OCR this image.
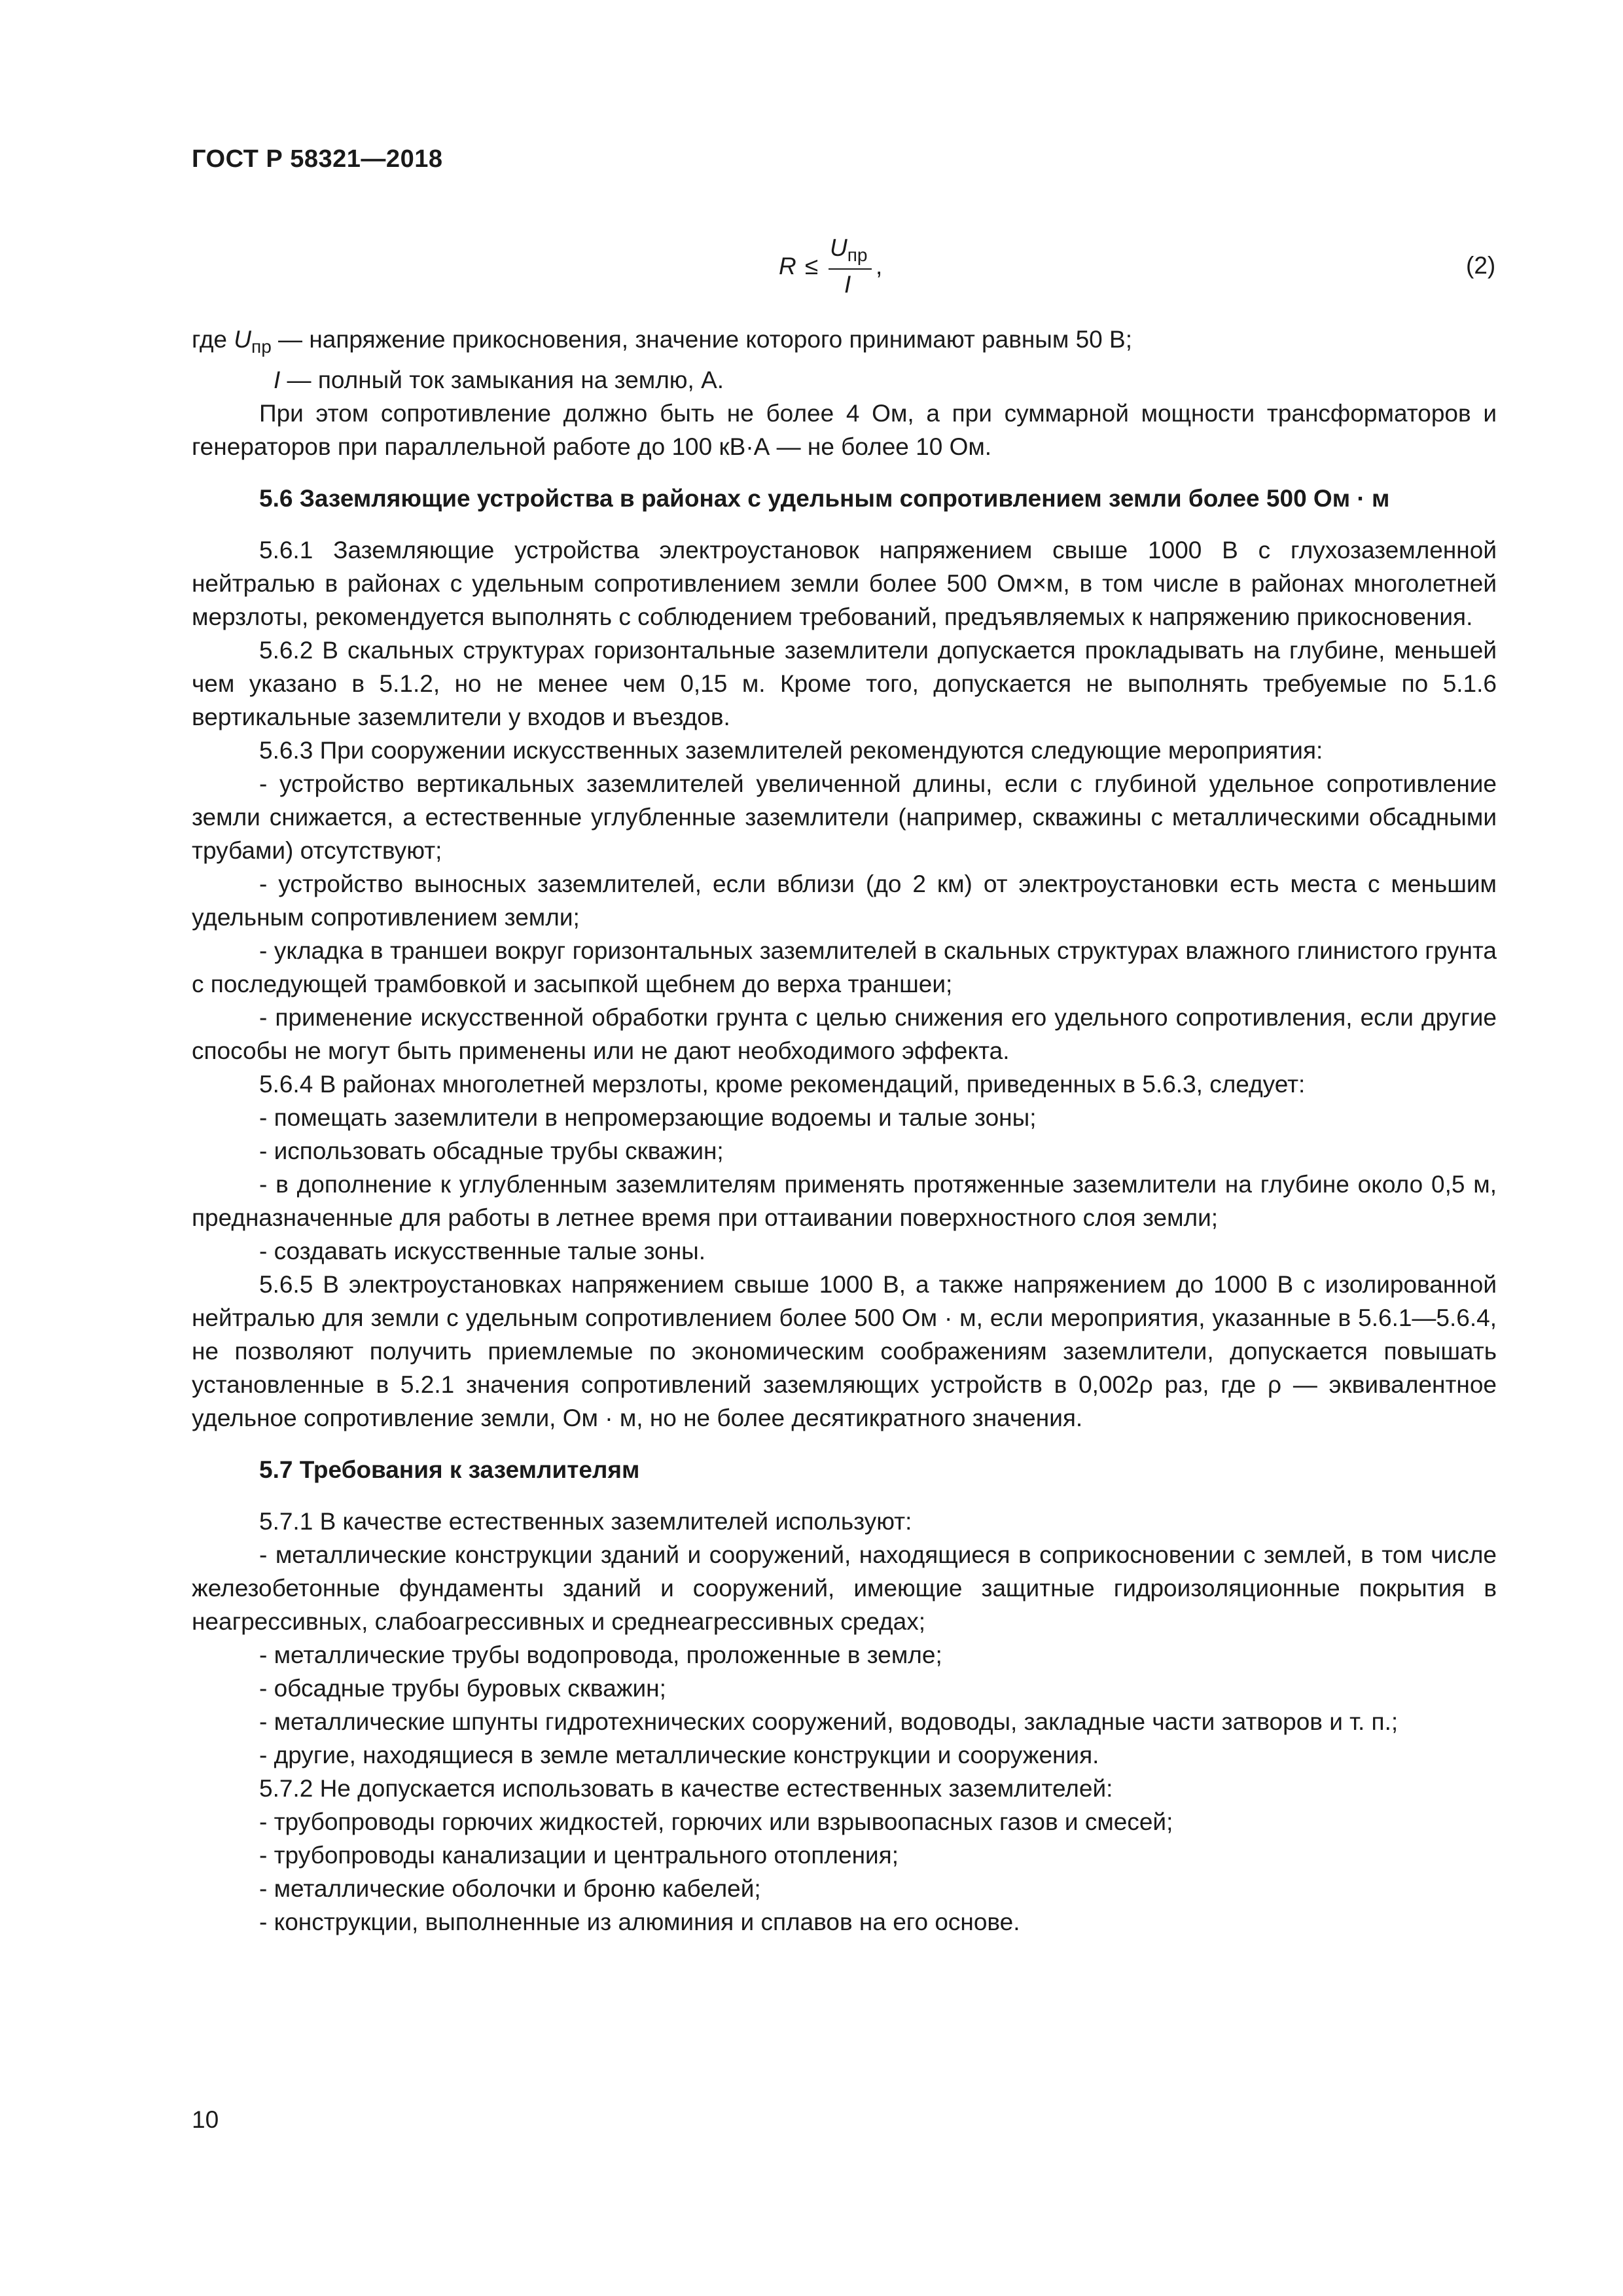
ГОСТ Р 58321—2018
R ≤
$U_{пр}$
I
,	(2)

где $U_{пр}$ — напряжение прикосновения, значение которого принимают равным 50 В;

I — полный ток замыкания на землю, А.

При этом сопротивление должно быть не более 4 Ом, а при суммарной мощности трансформаторов и генераторов при параллельной работе до 100 кВ·А — не более 10 Ом.

5.6 Заземляющие устройства в районах с удельным сопротивлением земли более 500 Ом · м

5.6.1 Заземляющие устройства электроустановок напряжением свыше 1000 В с глухозаземленной нейтралью в районах с удельным сопротивлением земли более 500 Ом×м, в том числе в районах многолетней мерзлоты, рекомендуется выполнять с соблюдением требований, предъявляемых к напряжению прикосновения.

5.6.2 В скальных структурах горизонтальные заземлители допускается прокладывать на глубине, меньшей чем указано в 5.1.2, но не менее чем 0,15 м. Кроме того, допускается не выполнять требуемые по 5.1.6 вертикальные заземлители у входов и въездов.

5.6.3 При сооружении искусственных заземлителей рекомендуются следующие мероприятия:

- устройство вертикальных заземлителей увеличенной длины, если с глубиной удельное сопротивление земли снижается, а естественные углубленные заземлители (например, скважины с металлическими обсадными трубами) отсутствуют;

- устройство выносных заземлителей, если вблизи (до 2 км) от электроустановки есть места с меньшим удельным сопротивлением земли;

- укладка в траншеи вокруг горизонтальных заземлителей в скальных структурах влажного глинистого грунта с последующей трамбовкой и засыпкой щебнем до верха траншеи;

- применение искусственной обработки грунта с целью снижения его удельного сопротивления, если другие способы не могут быть применены или не дают необходимого эффекта.

5.6.4 В районах многолетней мерзлоты, кроме рекомендаций, приведенных в 5.6.3, следует:

- помещать заземлители в непромерзающие водоемы и талые зоны;

- использовать обсадные трубы скважин;

- в дополнение к углубленным заземлителям применять протяженные заземлители на глубине около 0,5 м, предназначенные для работы в летнее время при оттаивании поверхностного слоя земли;

- создавать искусственные талые зоны.

5.6.5 В электроустановках напряжением свыше 1000 В, а также напряжением до 1000 В с изолированной нейтралью для земли с удельным сопротивлением более 500 Ом · м, если мероприятия, указанные в 5.6.1—5.6.4, не позволяют получить приемлемые по экономическим соображениям заземлители, допускается повышать установленные в 5.2.1 значения сопротивлений заземляющих устройств в 0,002ρ раз, где ρ — эквивалентное удельное сопротивление земли, Ом · м, но не более десятикратного значения.

5.7 Требования к заземлителям

5.7.1 В качестве естественных заземлителей используют:

- металлические конструкции зданий и сооружений, находящиеся в соприкосновении с землей, в том числе железобетонные фундаменты зданий и сооружений, имеющие защитные гидроизоляционные покрытия в неагрессивных, слабоагрессивных и среднеагрессивных средах;

- металлические трубы водопровода, проложенные в земле;

- обсадные трубы буровых скважин;

- металлические шпунты гидротехнических сооружений, водоводы, закладные части затворов и т. п.;

- другие, находящиеся в земле металлические конструкции и сооружения.

5.7.2 Не допускается использовать в качестве естественных заземлителей:

- трубопроводы горючих жидкостей, горючих или взрывоопасных газов и смесей;

- трубопроводы канализации и центрального отопления;

- металлические оболочки и броню кабелей;

- конструкции, выполненные из алюминия и сплавов на его основе.

10
